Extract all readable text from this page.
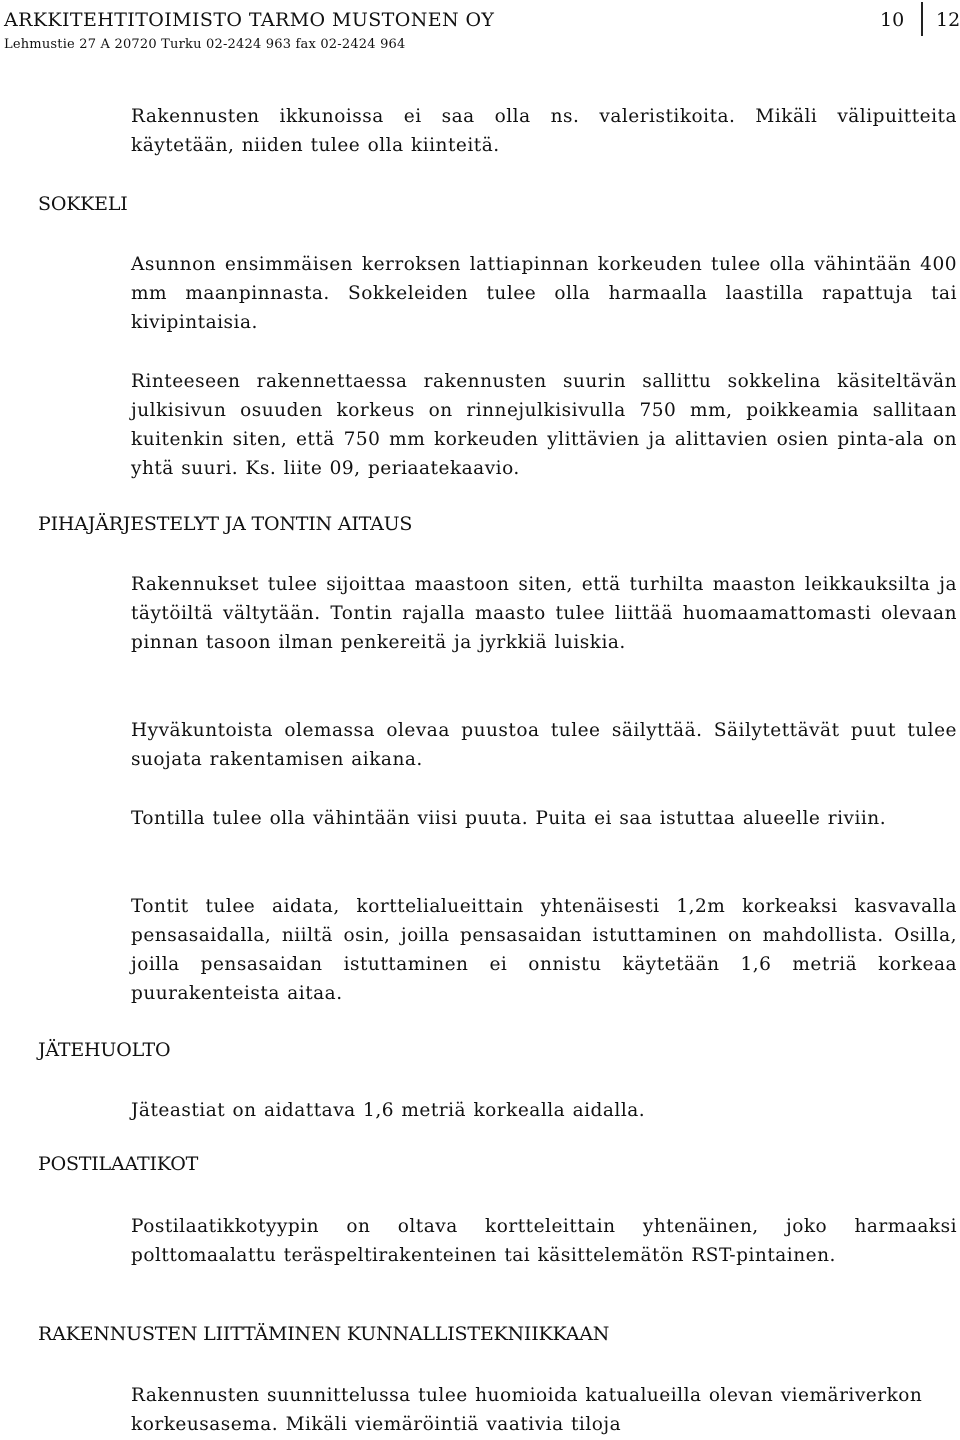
ARKKITEHTITOIMISTO TARMO MUSTONEN OY
Lehmustie 27 A 20720 Turku 02-2424 963 fax 02-2424 964
10 12

Rakennusten ikkunoissa ei saa olla ns. valeristikoita. Mikäli välipuitteita käytetään, niiden tulee olla kiinteitä.

SOKKELI

Asunnon ensimmäisen kerroksen lattiapinnan korkeuden tulee olla vähintään 400 mm maanpinnasta. Sokkeleiden tulee olla harmaalla laastilla rapattuja tai kivipintaisia.

Rinteeseen rakennettaessa rakennusten suurin sallittu sokkelina käsiteltävän julkisivun osuuden korkeus on rinnejulkisivulla 750 mm, poikkeamia sallitaan kuitenkin siten, että 750 mm korkeuden ylittävien ja alittavien osien pinta-ala on yhtä suuri. Ks. liite 09, periaatekaavio.

PIHAJÄRJESTELYT JA TONTIN AITAUS

Rakennukset tulee sijoittaa maastoon siten, että turhilta maaston leikkauksilta ja täytöiltä vältytään. Tontin rajalla maasto tulee liittää huomaamattomasti olevaan pinnan tasoon ilman penkereitä ja jyrkkiä luiskia.

Hyväkuntoista olemassa olevaa puustoa tulee säilyttää. Säilytettävät puut tulee suojata rakentamisen aikana.

Tontilla tulee olla vähintään viisi puuta. Puita ei saa istuttaa alueelle riviin.

Tontit tulee aidata, korttelialueittain yhtenäisesti 1,2m korkeaksi kasvavalla pensasaidalla, niiltä osin, joilla pensasaidan istuttaminen on mahdollista. Osilla, joilla pensasaidan istuttaminen ei onnistu käytetään 1,6 metriä korkeaa puurakenteista aitaa.

JÄTEHUOLTO

Jäteastiat on aidattava 1,6 metriä korkealla aidalla.

POSTILAATIKOT

Postilaatikkotyypin on oltava kortteleittain yhtenäinen, joko harmaaksi polttomaalattu teräspeltirakenteinen tai käsittelemätön RST-pintainen.

RAKENNUSTEN LIITTÄMINEN KUNNALLISTEKNIIKKAAN

Rakennusten suunnittelussa tulee huomioida katualueilla olevan viemäriverkon korkeusasema. Mikäli viemäröintiä vaativia tiloja
